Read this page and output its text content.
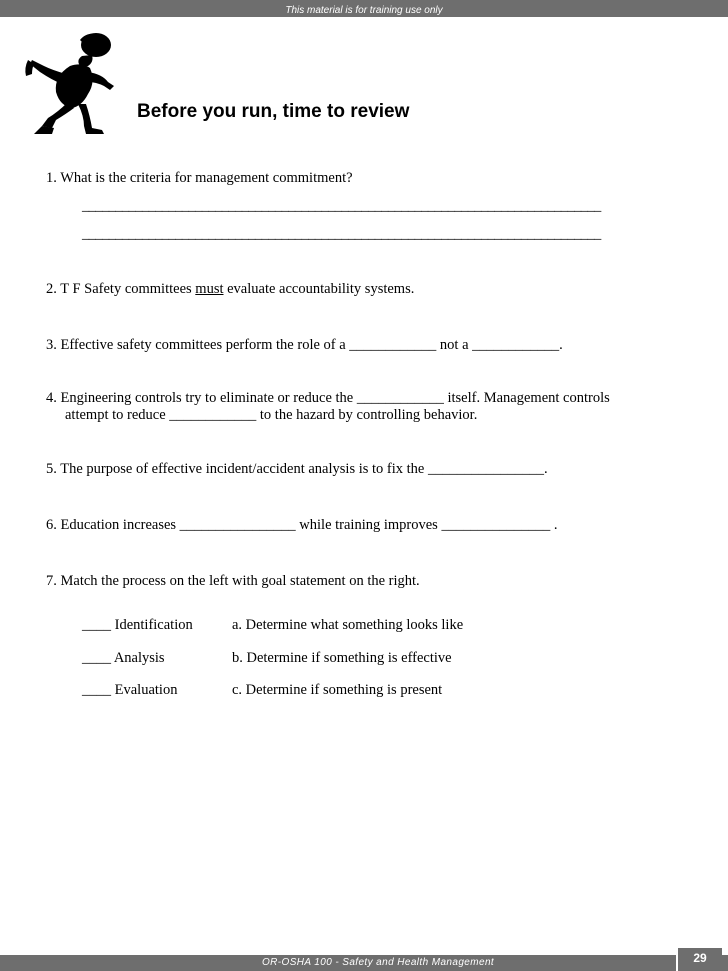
This material is for training use only
Before you run, time to review
1. What is the criteria for management commitment?
______________________________________________________________________________
______________________________________________________________________________
2. T F Safety committees must evaluate accountability systems.
3. Effective safety committees perform the role of a ____________ not a ____________.
4. Engineering controls try to eliminate or reduce the ____________ itself. Management controls
attempt to reduce ____________ to the hazard by controlling behavior.
5. The purpose of effective incident/accident analysis is to fix the ________________.
6. Education increases ________________ while training improves _______________ .
7. Match the process on the left with goal statement on the right.
____ Identification	a. Determine what something looks like
____ Analysis	b. Determine if something is effective
____ Evaluation	c. Determine if something is present
OR-OSHA 100 - Safety and Health Management	29
